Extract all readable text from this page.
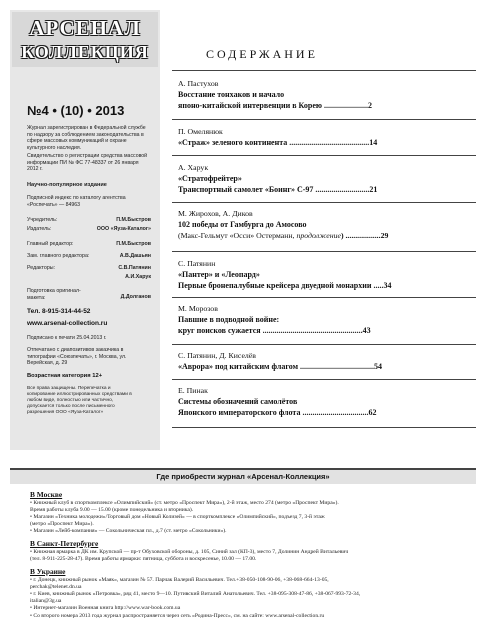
АРСЕНАЛ
КОЛЛЕКЦИЯ
№4 • (10) • 2013
Журнал зарегистрирован в Федеральной службе по надзору за соблюдением законодательства в сфере массовых коммуникаций и охране культурного наследия.
Свидетельство о регистрации средства массовой информации ПИ № ФС 77-48337 от 26 января 2012 г.
Научно-популярное издание
Подписной индекс по каталогу агентства «Роспечать» — 84963
Учредитель:	П.М.Быстров
Издатель:	ООО «Яуза-Каталог»
Главный редактор:	П.М.Быстров
Зам. главного редактора:	А.В.Дашьян
Редакторы:	С.В.Патянин
А.И.Харук
Подготовка оригинал-макета:	Д.Долганов
Тел. 8-915-314-44-52
www.arsenal-collection.ru
Подписано к печати 25.04.2013 г.
Отпечатано с диапозитивов заказчика в типографии «Союзпечать», г. Москва, ул. Верейская, д. 29
Возрастная категория 12+
Все права защищены. Перепечатка и копирование иллюстрированных средствами в любом виде, полностью или частично, допускается только после письменного разрешения ООО «Яуза-Каталог»
СОДЕРЖАНИЕ
А. Пастухов
Восстание тонхаков и начало
японо-китайской интервенции в Корею ......................2
П. Омелянюк
«Страж» зеленого континента ........................................14
А. Харук
«Стратофрейтер»
Транспортный самолет «Боинг» С-97 ...........................21
М. Жирохов, А. Диков
102 победы от Гамбурга до Амосово
(Макс-Гельмут «Осси» Остерманн, продолжение) ..................29
С. Патянин
«Пантер» и «Леопард»
Первые бронепалубные крейсера двуедной монархии .....34
М. Морозов
Павшие в подводной войне:
круг поисков сужается ..................................................43
С. Патянин, Д. Киселёв
«Аврора» под китайским флагом .....................................54
Е. Пинак
Системы обозначений самолётов
Японского императорского флота .................................62
Где приобрести журнал «Арсенал-Коллекция»
В Москве
• Книжный клуб в спорткомплексе «Олимпийский» (ст. метро «Проспект Мира»), 2-й этаж, место 274 (метро «Проспект Мира»).
Время работы клуба 9.00 — 15.00 (кроме понедельника и вторника).
• Магазин «Техника молодежи»/Торговый дом «Новый Колизей» — в спорткомплексе «Олимпийский», подъезд 7, 3-й этаж
(метро «Проспект Мира»).
• Магазин «Лейб-компания» — Сокольническая пл., д.7 (ст. метро «Сокольники»).
В Санкт-Петербурге
• Книжная ярмарка в ДК им. Крупской — пр-т Обуховской обороны, д. 105, Синий зал (КП-3), место 7, Долинин Андрей Витальевич
(тел. 8-911-225-28-47). Время работы ярмарки: пятница, суббота и воскресенье, 10.00 — 17.00.
В Украине
• г. Донецк, книжный рынок «Маяк», магазин № 57. Парчак Валерий Васильевич. Тел.+38-050-108-90-06, +38-068-664-13-05,
perchak@telenet.dn.ua
• г. Киев, книжный рынок «Петровка», ряд 41, место 9—10. Путивский Виталий Анатольевич. Тел. +38-095-308-47-86, +38-067-993-72-34,
italian@3g.ua
• Интернет-магазин Военная книга http://www.war-book.com.ua
• Со второго номера 2013 года журнал распространяется через сеть «Родина-Пресс», см. на сайте: www.arsenal-collection.ru
